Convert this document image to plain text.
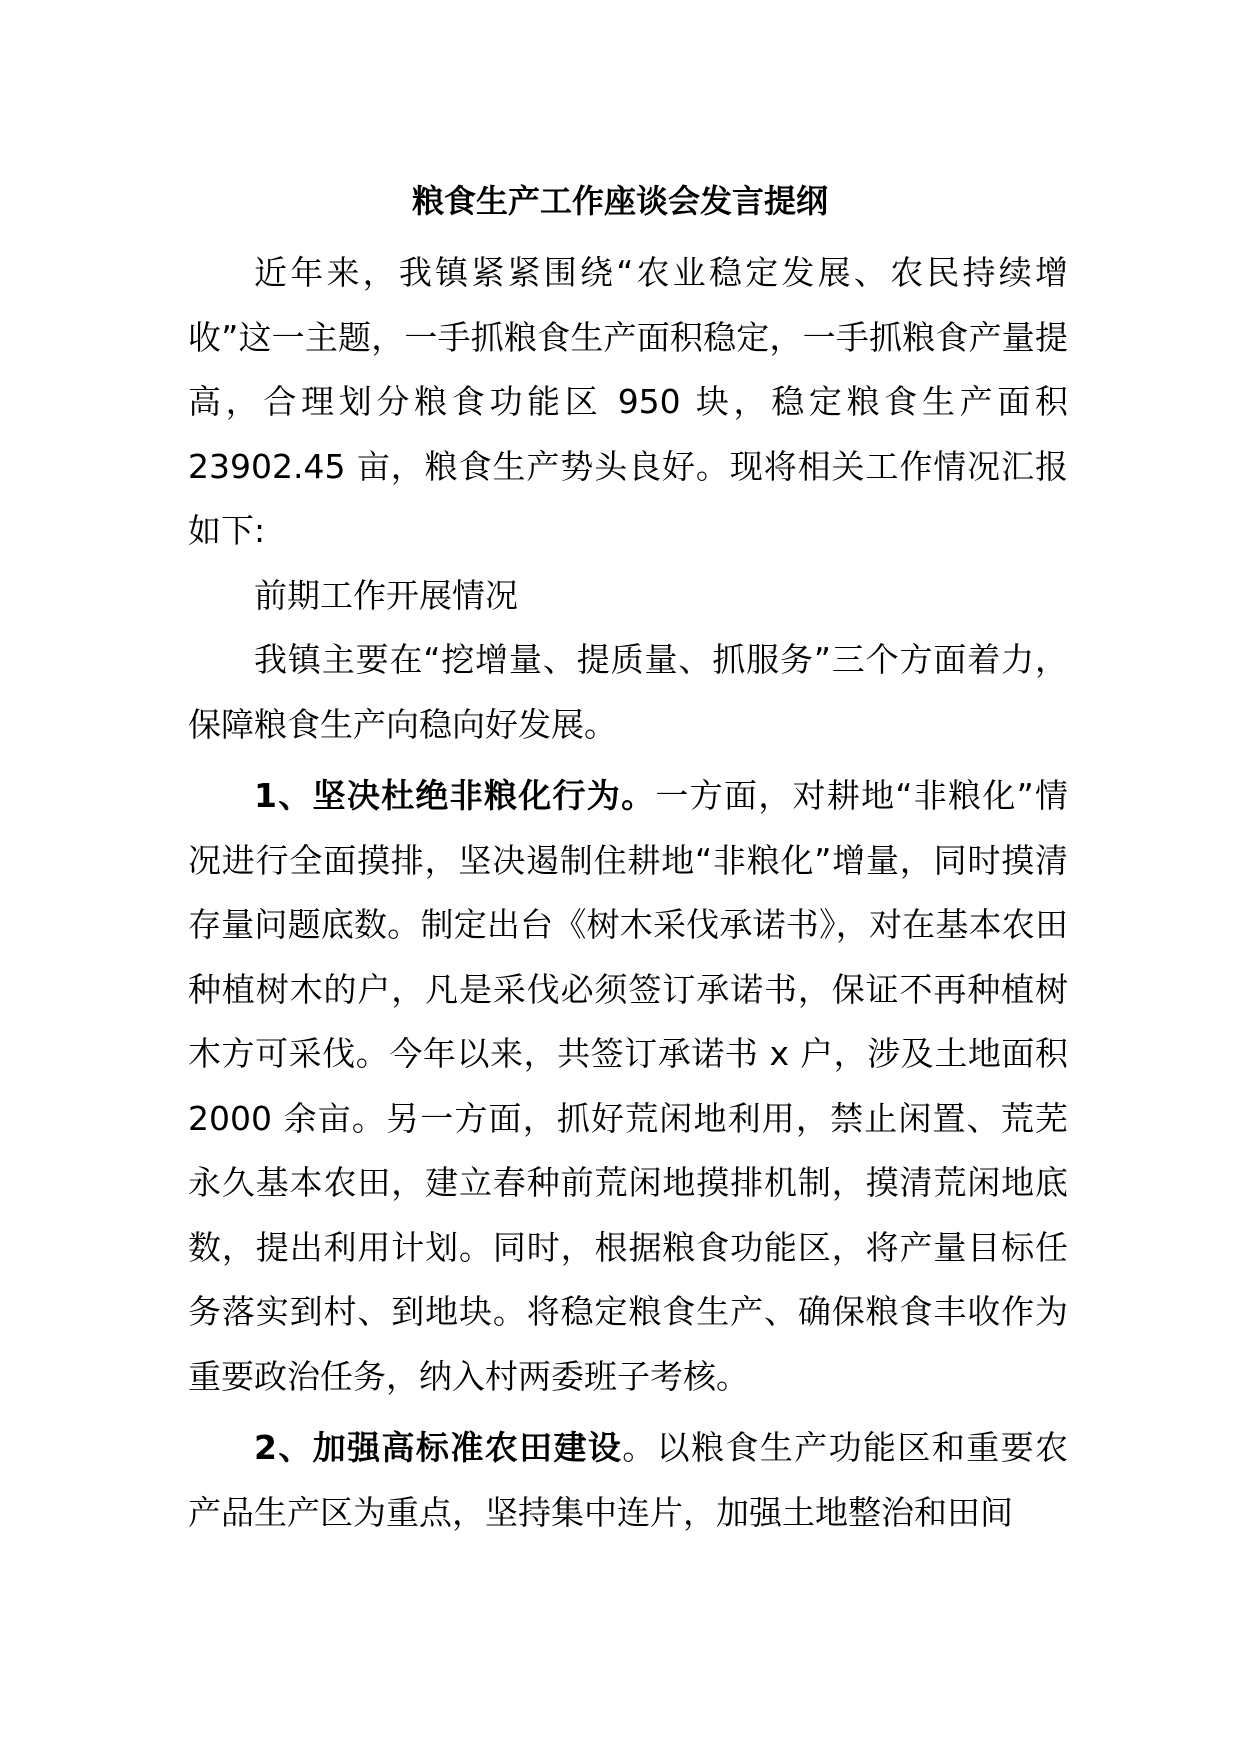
粮食生产工作座谈会发言提纲

近年来，我镇紧紧围绕“农业稳定发展、农民持续增收”这一主题，一手抓粮食生产面积稳定，一手抓粮食产量提高，合理划分粮食功能区 950 块，稳定粮食生产面积 23902.45 亩，粮食生产势头良好。现将相关工作情况汇报如下:

前期工作开展情况

我镇主要在“挖增量、提质量、抓服务”三个方面着力，保障粮食生产向稳向好发展。

1、坚决杜绝非粮化行为。一方面，对耕地“非粮化”情况进行全面摸排，坚决遏制住耕地“非粮化”增量，同时摸清存量问题底数。制定出台《树木采伐承诺书》，对在基本农田种植树木的户，凡是采伐必须签订承诺书，保证不再种植树木方可采伐。今年以来，共签订承诺书 x 户，涉及土地面积 2000 余亩。另一方面，抓好荒闲地利用，禁止闲置、荒芜永久基本农田，建立春种前荒闲地摸排机制，摸清荒闲地底数，提出利用计划。同时，根据粮食功能区，将产量目标任务落实到村、到地块。将稳定粮食生产、确保粮食丰收作为重要政治任务，纳入村两委班子考核。

2、加强高标准农田建设。以粮食生产功能区和重要农产品生产区为重点，坚持集中连片，加强土地整治和田间
